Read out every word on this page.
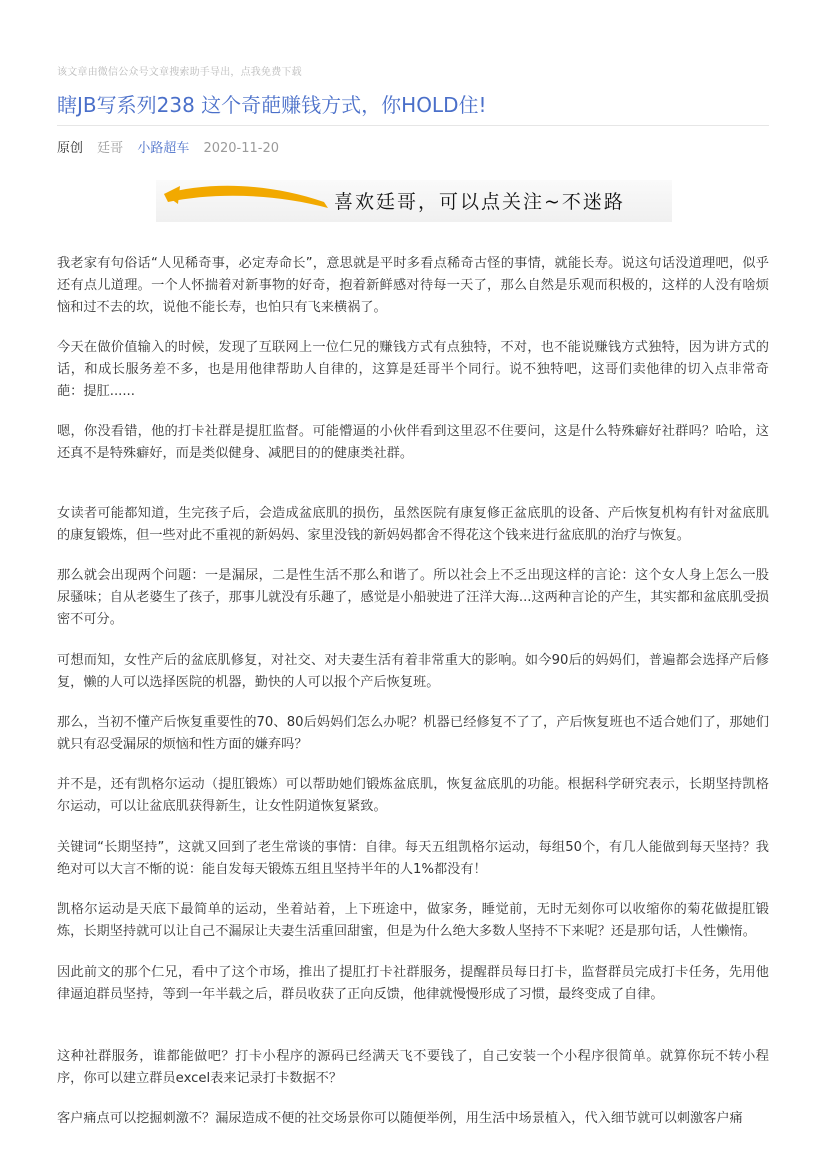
该文章由微信公众号文章搜索助手导出，点我免费下载
瞎JB写系列238 这个奇葩赚钱方式，你HOLD住!
原创 廷哥 小路超车 2020-11-20
喜欢廷哥，可以点关注~不迷路

我老家有句俗话“人见稀奇事，必定寿命长”，意思就是平时多看点稀奇古怪的事情，就能长寿。说这句话没道理吧，似乎还有点儿道理。一个人怀揣着对新事物的好奇，抱着新鲜感对待每一天了，那么自然是乐观而积极的，这样的人没有啥烦恼和过不去的坎，说他不能长寿，也怕只有飞来横祸了。

今天在做价值输入的时候，发现了互联网上一位仁兄的赚钱方式有点独特，不对，也不能说赚钱方式独特，因为讲方式的话，和成长服务差不多，也是用他律帮助人自律的，这算是廷哥半个同行。说不独特吧，这哥们卖他律的切入点非常奇葩：提肛......

嗯，你没看错，他的打卡社群是提肛监督。可能懵逼的小伙伴看到这里忍不住要问，这是什么特殊癖好社群吗？哈哈，这还真不是特殊癖好，而是类似健身、减肥目的的健康类社群。

女读者可能都知道，生完孩子后，会造成盆底肌的损伤，虽然医院有康复修正盆底肌的设备、产后恢复机构有针对盆底肌的康复锻炼，但一些对此不重视的新妈妈、家里没钱的新妈妈都舍不得花这个钱来进行盆底肌的治疗与恢复。

那么就会出现两个问题：一是漏尿，二是性生活不那么和谐了。所以社会上不乏出现这样的言论：这个女人身上怎么一股尿骚味；自从老婆生了孩子，那事儿就没有乐趣了，感觉是小船驶进了汪洋大海...这两种言论的产生，其实都和盆底肌受损密不可分。

可想而知，女性产后的盆底肌修复，对社交、对夫妻生活有着非常重大的影响。如今90后的妈妈们，普遍都会选择产后修复，懒的人可以选择医院的机器，勤快的人可以报个产后恢复班。

那么，当初不懂产后恢复重要性的70、80后妈妈们怎么办呢？机器已经修复不了了，产后恢复班也不适合她们了，那她们就只有忍受漏尿的烦恼和性方面的嫌弃吗？

并不是，还有凯格尔运动（提肛锻炼）可以帮助她们锻炼盆底肌，恢复盆底肌的功能。根据科学研究表示，长期坚持凯格尔运动，可以让盆底肌获得新生，让女性阴道恢复紧致。

关键词“长期坚持”，这就又回到了老生常谈的事情：自律。每天五组凯格尔运动，每组50个，有几人能做到每天坚持？我绝对可以大言不惭的说：能自发每天锻炼五组且坚持半年的人1%都没有！

凯格尔运动是天底下最简单的运动，坐着站着，上下班途中，做家务，睡觉前，无时无刻你可以收缩你的菊花做提肛锻炼，长期坚持就可以让自己不漏尿让夫妻生活重回甜蜜，但是为什么绝大多数人坚持不下来呢？还是那句话，人性懒惰。

因此前文的那个仁兄，看中了这个市场，推出了提肛打卡社群服务，提醒群员每日打卡，监督群员完成打卡任务，先用他律逼迫群员坚持，等到一年半载之后，群员收获了正向反馈，他律就慢慢形成了习惯，最终变成了自律。

这种社群服务，谁都能做吧？打卡小程序的源码已经满天飞不要钱了，自己安装一个小程序很简单。就算你玩不转小程序，你可以建立群员excel表来记录打卡数据不？

客户痛点可以挖掘刺激不？漏尿造成不便的社交场景你可以随便举例，用生活中场景植入，代入细节就可以刺激客户痛
